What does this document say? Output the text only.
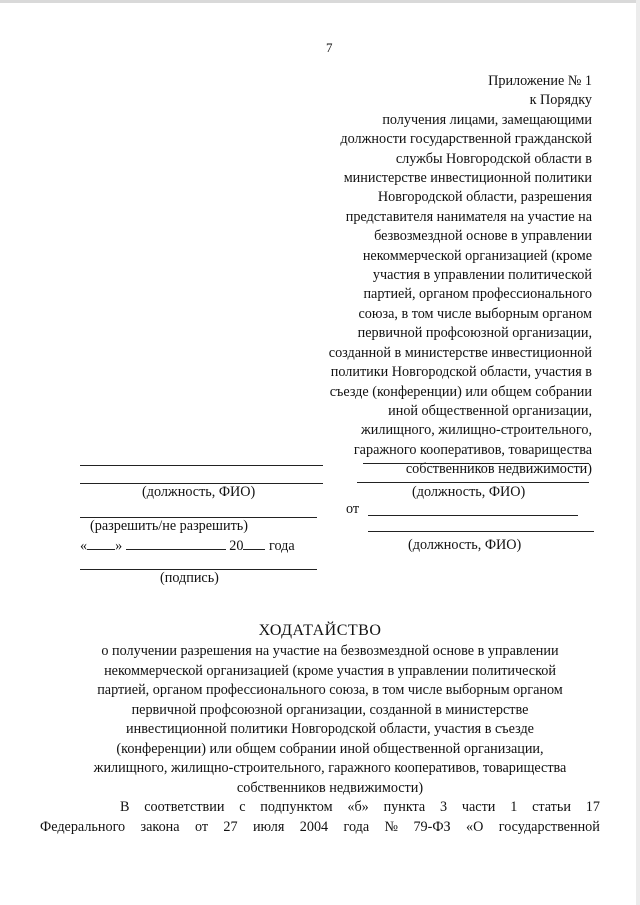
7
Приложение № 1
к Порядку
получения лицами, замещающими
должности государственной гражданской
службы Новгородской области в
министерстве инвестиционной политики
Новгородской области, разрешения
представителя нанимателя на участие на
безвозмездной основе в управлении
некоммерческой организацией (кроме
участия в управлении политической
партией, органом профессионального
союза, в том числе выборным органом
первичной профсоюзной организации,
созданной в министерстве инвестиционной
политики Новгородской области, участия в
съезде (конференции) или общем собрании
иной общественной организации,
жилищного, жилищно-строительного,
гаражного кооперативов, товарищества
собственников недвижимости)
(должность, ФИО)
(разрешить/не разрешить)
« »	20 года
(подпись)
(должность, ФИО)
от
(должность, ФИО)
ХОДАТАЙСТВО
о получении разрешения на участие на безвозмездной основе в управлении
некоммерческой организацией (кроме участия в управлении политической
партией, органом профессионального союза, в том числе выборным органом
первичной профсоюзной организации, созданной в министерстве
инвестиционной политики Новгородской области, участия в съезде
(конференции) или общем собрании иной общественной организации,
жилищного, жилищно-строительного, гаражного кооперативов, товарищества
собственников недвижимости)
В соответствии с подпунктом «б» пункта 3 части 1 статьи 17
Федерального закона от 27 июля 2004 года № 79-ФЗ «О государственной
